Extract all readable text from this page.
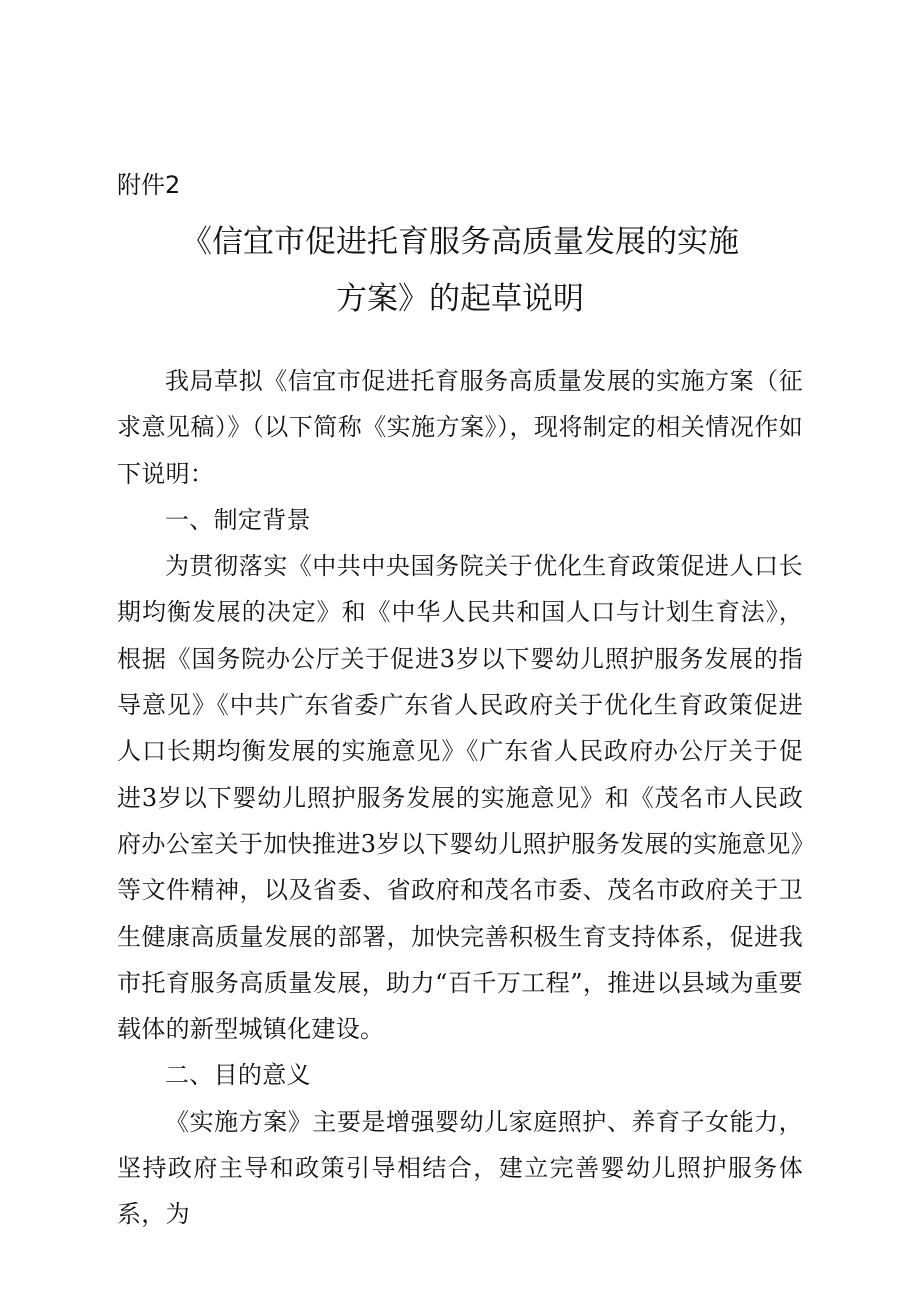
附件2
《信宜市促进托育服务高质量发展的实施
方案》的起草说明

我局草拟《信宜市促进托育服务高质量发展的实施方案（征求意见稿）》（以下简称《实施方案》），现将制定的相关情况作如下说明：

一、制定背景

为贯彻落实《中共中央国务院关于优化生育政策促进人口长期均衡发展的决定》和《中华人民共和国人口与计划生育法》，根据《国务院办公厅关于促进3岁以下婴幼儿照护服务发展的指导意见》《中共广东省委广东省人民政府关于优化生育政策促进人口长期均衡发展的实施意见》《广东省人民政府办公厅关于促进3岁以下婴幼儿照护服务发展的实施意见》和《茂名市人民政府办公室关于加快推进3岁以下婴幼儿照护服务发展的实施意见》等文件精神，以及省委、省政府和茂名市委、茂名市政府关于卫生健康高质量发展的部署，加快完善积极生育支持体系，促进我市托育服务高质量发展，助力“百千万工程”，推进以县域为重要载体的新型城镇化建设。

二、目的意义

《实施方案》主要是增强婴幼儿家庭照护、养育子女能力，坚持政府主导和政策引导相结合，建立完善婴幼儿照护服务体系，为
